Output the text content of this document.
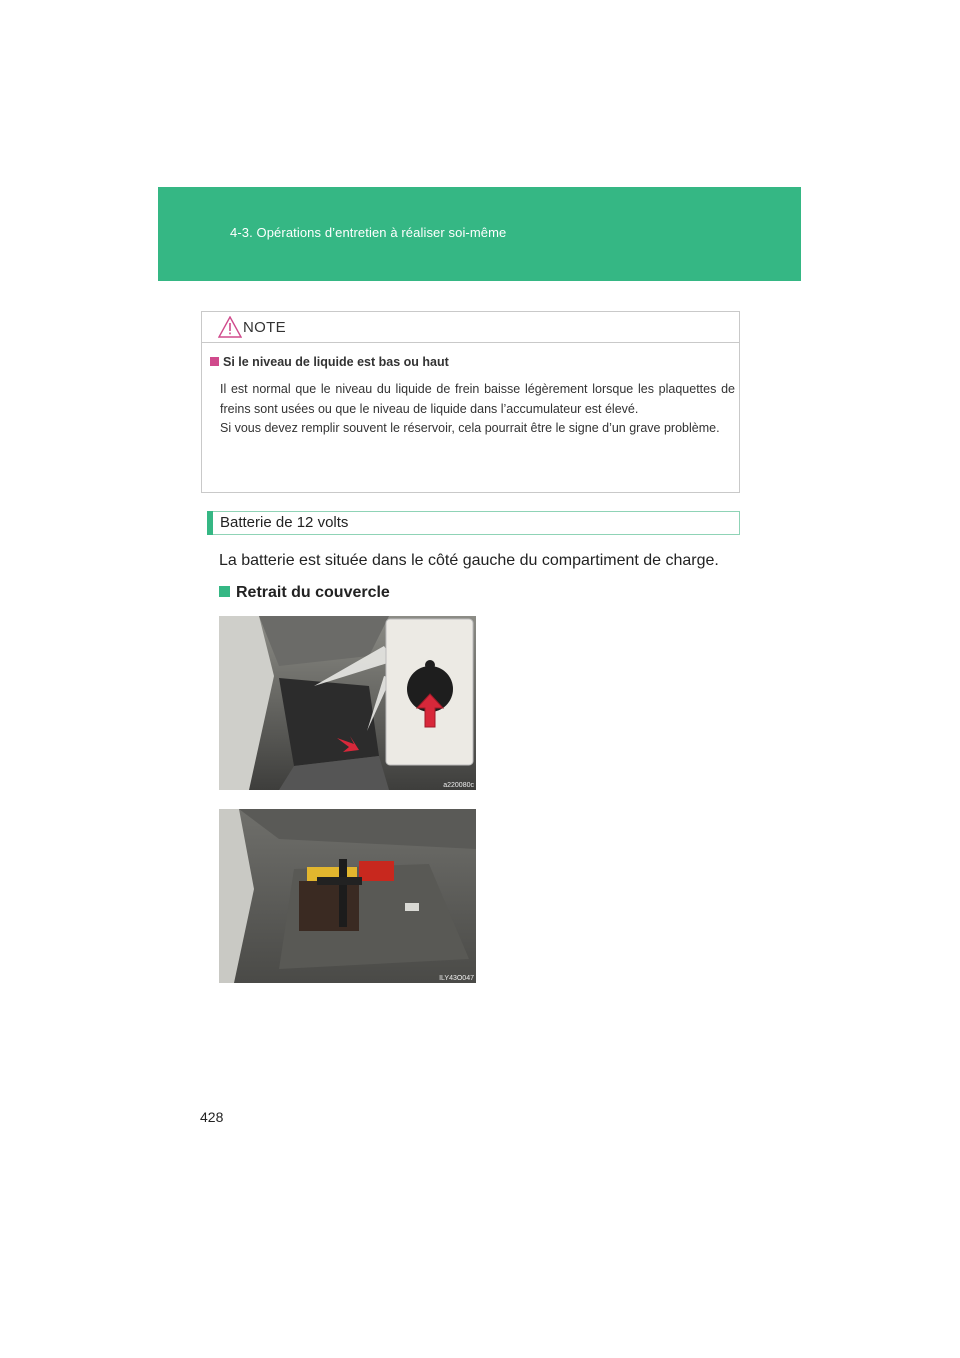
4-3. Opérations d’entretien à réaliser soi-même
NOTE
Si le niveau de liquide est bas ou haut

Il est normal que le niveau du liquide de frein baisse légèrement lorsque les plaquettes de freins sont usées ou que le niveau de liquide dans l’accumulateur est élevé.

Si vous devez remplir souvent le réservoir, cela pourrait être le signe d’un grave problème.

Batterie de 12 volts
La batterie est située dans le côté gauche du compartiment de charge.
Retrait du couvercle
a220080c
ILY43O047
428
